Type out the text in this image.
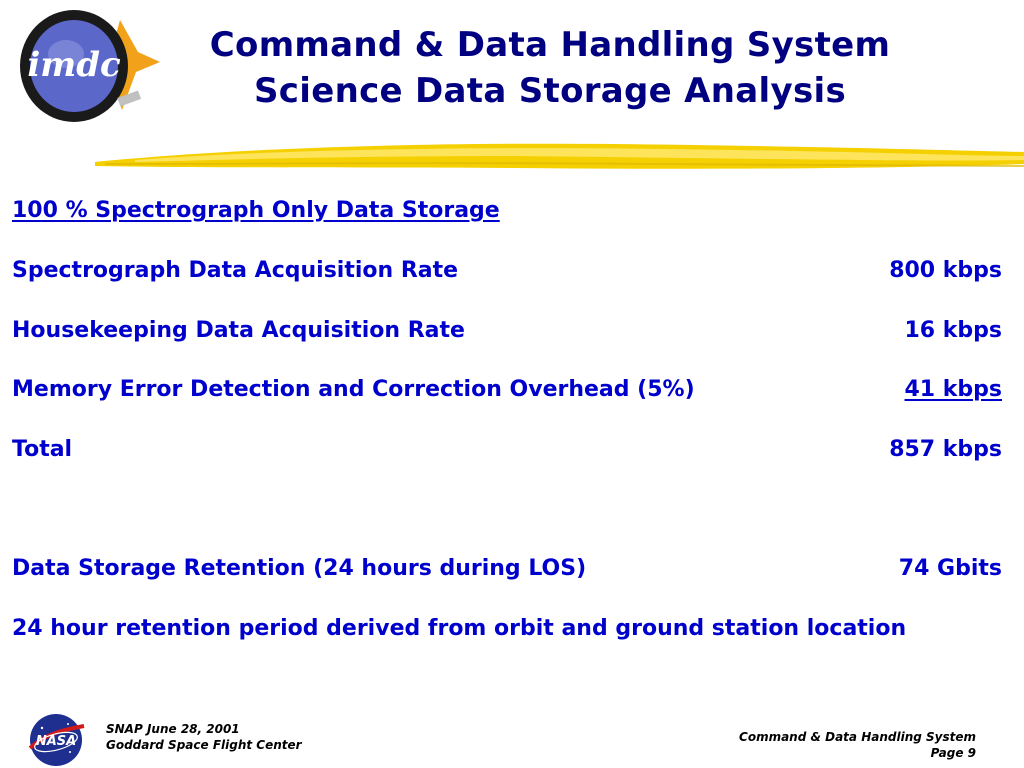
imdc	Command & Data Handling System
Science Data Storage Analysis
100 % Spectrograph Only Data Storage
Spectrograph Data Acquisition Rate	800 kbps
Housekeeping Data Acquisition Rate	16 kbps
Memory Error Detection and Correction Overhead (5%)	41 kbps
Total	857 kbps
Data Storage Retention (24 hours during LOS)	74 Gbits
24 hour retention period derived from orbit and ground station location
NASA
SNAP June 28, 2001
Goddard Space Flight Center
Command & Data Handling System
Page 9
